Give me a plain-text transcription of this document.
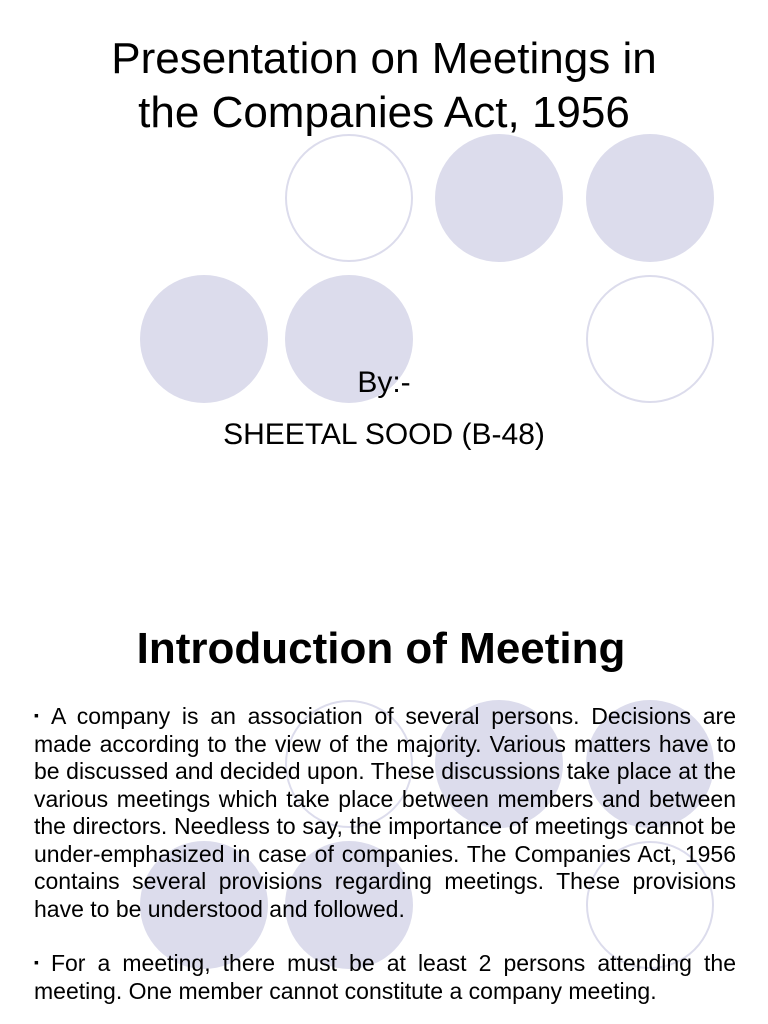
Presentation on Meetings in
the Companies Act, 1956
By:-
SHEETAL SOOD (B-48)
Introduction of Meeting
▪ A company is an association of several persons. Decisions are made according to the view of the majority. Various matters have to be discussed and decided upon. These discussions take place at the various meetings which take place between members and between the directors. Needless to say, the importance of meetings cannot be under-emphasized in case of companies. The Companies Act, 1956 contains several provisions regarding meetings. These provisions have to be understood and followed.
▪ For a meeting, there must be at least 2 persons attending the meeting. One member cannot constitute a company meeting.
